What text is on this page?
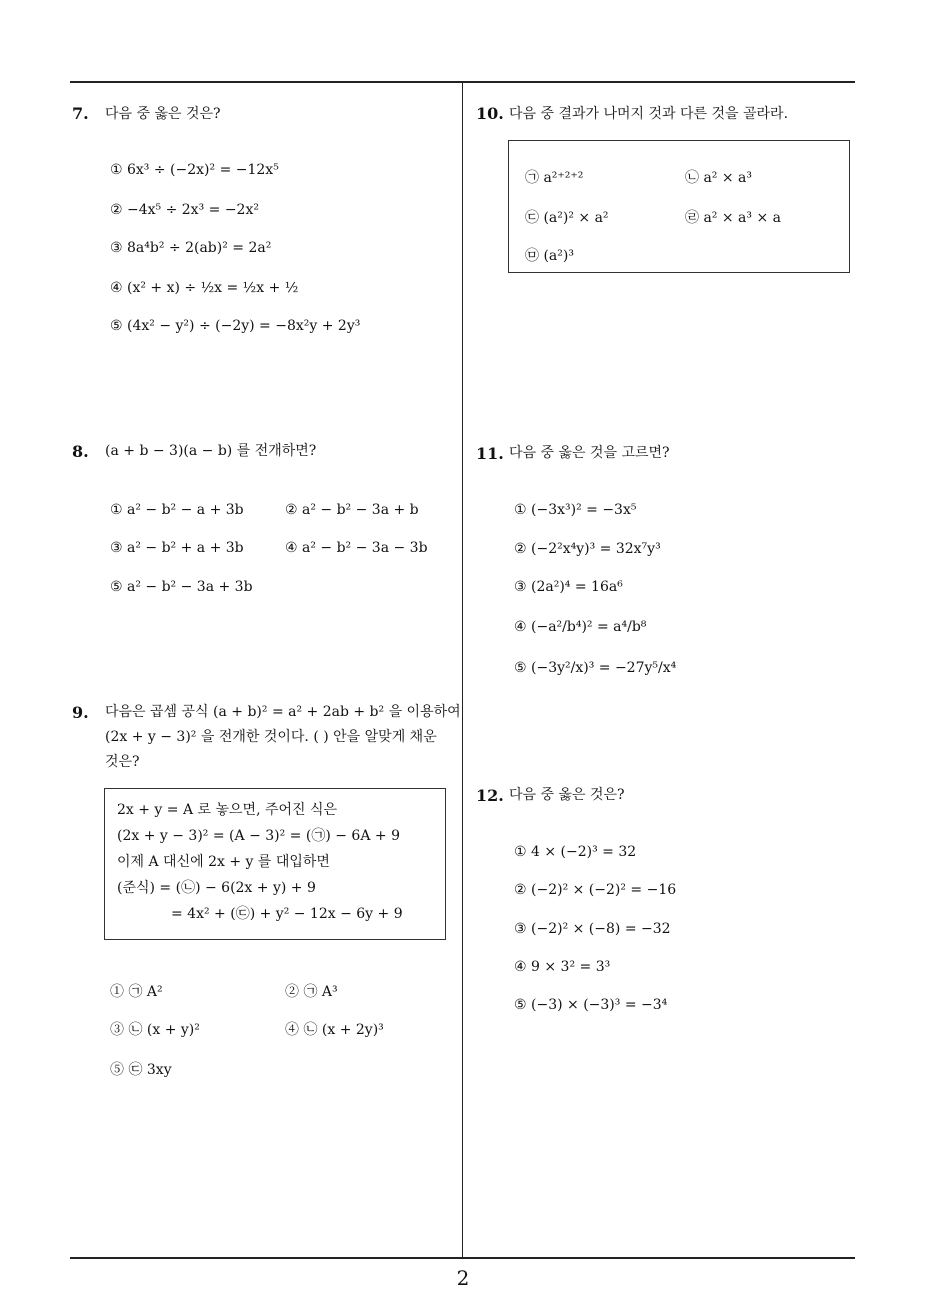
7. 다음 중 옳은 것은?
① 6x³ ÷ (−2x)² = −12x⁵
② −4x⁵ ÷ 2x³ = −2x²
③ 8a⁴b² ÷ 2(ab)² = 2a²
④ (x² + x) ÷ ½x = ½x + ½
⑤ (4x² − y²) ÷ (−2y) = −8x²y + 2y³
8. (a + b − 3)(a − b) 를 전개하면?
① a² − b² − a + 3b	② a² − b² − 3a + b
③ a² − b² + a + 3b	④ a² − b² − 3a − 3b
⑤ a² − b² − 3a + 3b
9. 다음은 곱셈 공식 (a + b)² = a² + 2ab + b² 을 이용하여
(2x + y − 3)² 을 전개한 것이다. ( ) 안을 알맞게 채운
것은?
2x + y = A 로 놓으면, 주어진 식은
(2x + y − 3)² = (A − 3)² = (㉠) − 6A + 9
이제 A 대신에 2x + y 를 대입하면
(준식) = (㉡) − 6(2x + y) + 9
= 4x² + (㉢) + y² − 12x − 6y + 9
① ㉠ A²	② ㉠ A³
③ ㉡ (x + y)²	④ ㉡ (x + 2y)³
⑤ ㉢ 3xy
10. 다음 중 결과가 나머지 것과 다른 것을 골라라.
㉠ a²⁺²⁺²	㉡ a² × a³
㉢ (a²)² × a²	㉣ a² × a³ × a
㉤ (a²)³
11. 다음 중 옳은 것을 고르면?
① (−3x³)² = −3x⁵
② (−2²x⁴y)³ = 32x⁷y³
③ (2a²)⁴ = 16a⁶
④ (−a²/b⁴)² = a⁴/b⁸
⑤ (−3y²/x)³ = −27y⁵/x⁴
12. 다음 중 옳은 것은?
① 4 × (−2)³ = 32
② (−2)² × (−2)² = −16
③ (−2)² × (−8) = −32
④ 9 × 3² = 3³
⑤ (−3) × (−3)³ = −3⁴
2
